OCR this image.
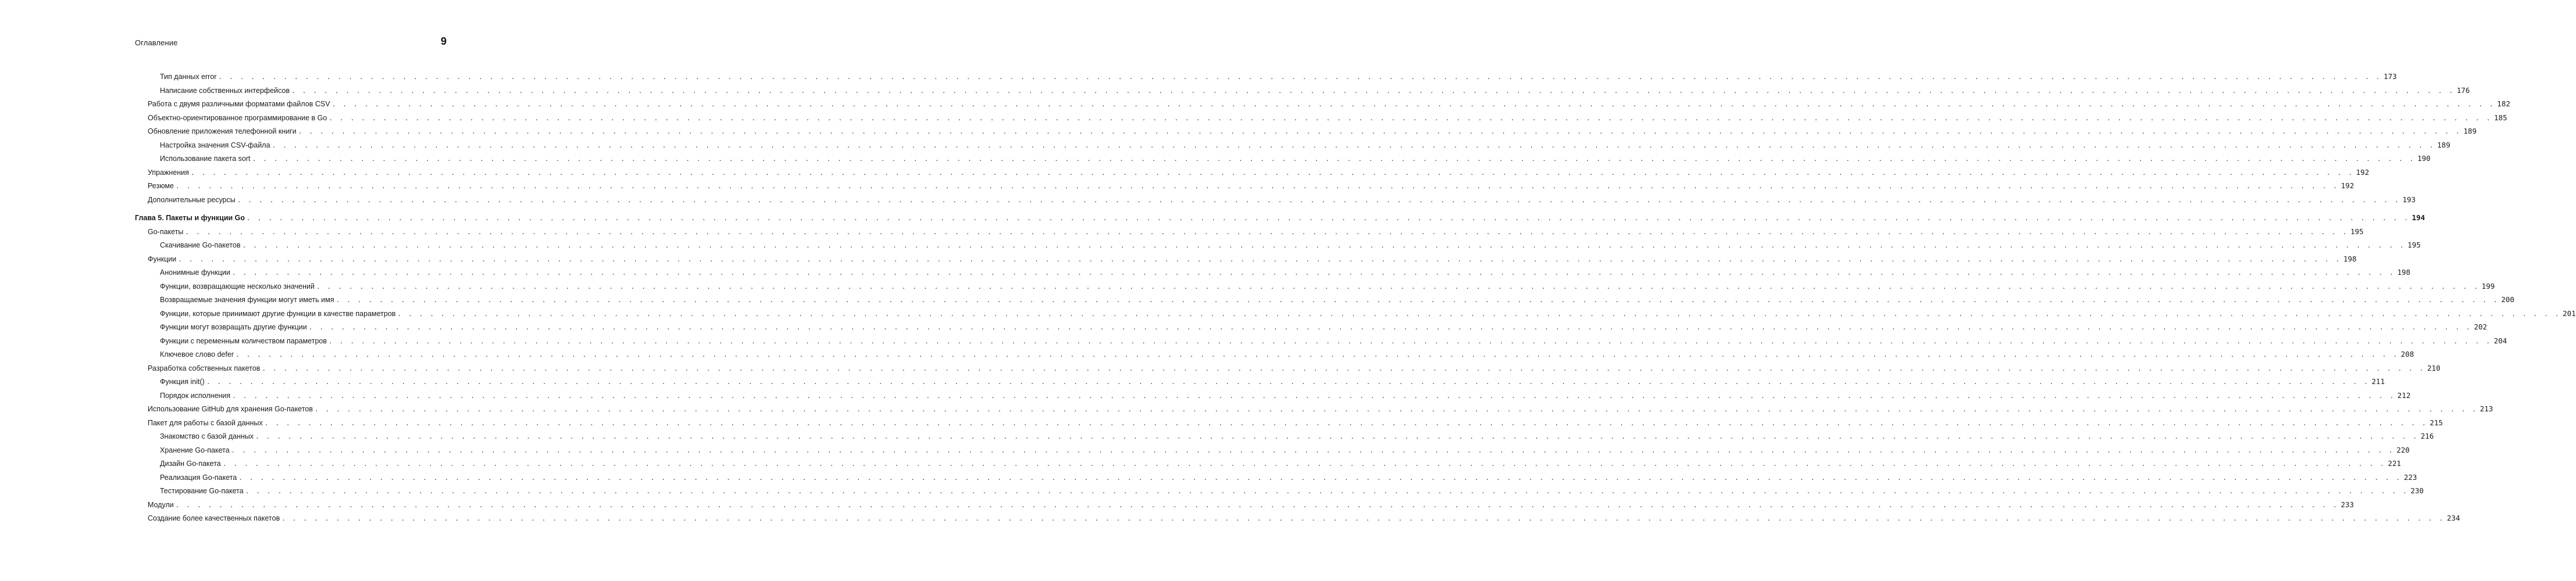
Оглавление	9
Тип данных error . . . . . . . . . . . . . . . . . . . . . . . . . . . . . . . . . . . . . . . . . . . . . . . . . . . . . . . . . . . . . . . . . . . . . . . . . . . . . . . . . . . . . . . . . . . . . . . . . . . . . . . . . . . . . . . . . . . . . . . . . . . . . . . . . . . . . . . . . . . . . . . . . . . . . . . . . . . . . . . . . . . . . . . . . . . . . . . . . . . . . . . . . . . . . . . . . . . . . . . . 173
Написание собственных интерфейсов . . . . . . . . . . . . . . . . . . . . . . . . . . . . . . . . . . . . . . . . . . . . . . . . . . . . . . . . . . . . . . . . . . . . . . . . . . . . . . . . . . . . . . . . . . . . . . . . . . . . . . . . . . . . . . . . . . . . . . . . . . . . . . . . . . . . . . . . . . . . . . . . . . . . . . . . . . . . . . . . . . . . . . . . . . . . . . . . . . . . . . . . . . . . . . . . . . . . . . . . 176
Работа с двумя различными форматами файлов CSV . . . . . . . . . . . . . . . . . . . . . . . . . . . . . . . . . . . . . . . . . . . . . . . . . . . . . . . . . . . . . . . . . . . . . . . . . . . . . . . . . . . . . . . . . . . . . . . . . . . . . . . . . . . . . . . . . . . . . . . . . . . . . . . . . . . . . . . . . . . . . . . . . . . . . . . . . . . . . . . . . . . . . . . . . . . . . . . . . . . . . . . . . . . . . . . . . . . . . . . . 182
Объектно-ориентированное программирование в Go . . . . . . . . . . . . . . . . . . . . . . . . . . . . . . . . . . . . . . . . . . . . . . . . . . . . . . . . . . . . . . . . . . . . . . . . . . . . . . . . . . . . . . . . . . . . . . . . . . . . . . . . . . . . . . . . . . . . . . . . . . . . . . . . . . . . . . . . . . . . . . . . . . . . . . . . . . . . . . . . . . . . . . . . . . . . . . . . . . . . . . . . . . . . . . . . . . . . . . . . 185
Обновление приложения телефонной книги . . . . . . . . . . . . . . . . . . . . . . . . . . . . . . . . . . . . . . . . . . . . . . . . . . . . . . . . . . . . . . . . . . . . . . . . . . . . . . . . . . . . . . . . . . . . . . . . . . . . . . . . . . . . . . . . . . . . . . . . . . . . . . . . . . . . . . . . . . . . . . . . . . . . . . . . . . . . . . . . . . . . . . . . . . . . . . . . . . . . . . . . . . . . . . . . . . . . . . . . 189
Настройка значения CSV-файла . . . . . . . . . . . . . . . . . . . . . . . . . . . . . . . . . . . . . . . . . . . . . . . . . . . . . . . . . . . . . . . . . . . . . . . . . . . . . . . . . . . . . . . . . . . . . . . . . . . . . . . . . . . . . . . . . . . . . . . . . . . . . . . . . . . . . . . . . . . . . . . . . . . . . . . . . . . . . . . . . . . . . . . . . . . . . . . . . . . . . . . . . . . . . . . . . . . . . . . . 189
Использование пакета sort . . . . . . . . . . . . . . . . . . . . . . . . . . . . . . . . . . . . . . . . . . . . . . . . . . . . . . . . . . . . . . . . . . . . . . . . . . . . . . . . . . . . . . . . . . . . . . . . . . . . . . . . . . . . . . . . . . . . . . . . . . . . . . . . . . . . . . . . . . . . . . . . . . . . . . . . . . . . . . . . . . . . . . . . . . . . . . . . . . . . . . . . . . . . . . . . . . . . . . . . 190
Упражнения . . . . . . . . . . . . . . . . . . . . . . . . . . . . . . . . . . . . . . . . . . . . . . . . . . . . . . . . . . . . . . . . . . . . . . . . . . . . . . . . . . . . . . . . . . . . . . . . . . . . . . . . . . . . . . . . . . . . . . . . . . . . . . . . . . . . . . . . . . . . . . . . . . . . . . . . . . . . . . . . . . . . . . . . . . . . . . . . . . . . . . . . . . . . . . . . . . . . . . . . 192
Резюме . . . . . . . . . . . . . . . . . . . . . . . . . . . . . . . . . . . . . . . . . . . . . . . . . . . . . . . . . . . . . . . . . . . . . . . . . . . . . . . . . . . . . . . . . . . . . . . . . . . . . . . . . . . . . . . . . . . . . . . . . . . . . . . . . . . . . . . . . . . . . . . . . . . . . . . . . . . . . . . . . . . . . . . . . . . . . . . . . . . . . . . . . . . . . . . . . . . . . . . . 192
Дополнительные ресурсы . . . . . . . . . . . . . . . . . . . . . . . . . . . . . . . . . . . . . . . . . . . . . . . . . . . . . . . . . . . . . . . . . . . . . . . . . . . . . . . . . . . . . . . . . . . . . . . . . . . . . . . . . . . . . . . . . . . . . . . . . . . . . . . . . . . . . . . . . . . . . . . . . . . . . . . . . . . . . . . . . . . . . . . . . . . . . . . . . . . . . . . . . . . . . . . . . . . . . . . . 193
Глава 5. Пакеты и функции Go . . . . . . . . . . . . . . . . . . . . . . . . . . . . . . . . . . . . . . . . . . . . . . . . . . . . . . . . . . . . . . . . . . . . . . . . . . . . . . . . . . . . . . . . . . . . . . . . . . . . . . . . . . . . . . . . . . . . . . . . . . . . . . . . . . . . . . . . . . . . . . . . . . . . . . . . . . . . . . . . . . . . . . . . . . . . . . . . . . . . . . . . . . . . . . . . . . . . . . . . 194
Go-пакеты . . . . . . . . . . . . . . . . . . . . . . . . . . . . . . . . . . . . . . . . . . . . . . . . . . . . . . . . . . . . . . . . . . . . . . . . . . . . . . . . . . . . . . . . . . . . . . . . . . . . . . . . . . . . . . . . . . . . . . . . . . . . . . . . . . . . . . . . . . . . . . . . . . . . . . . . . . . . . . . . . . . . . . . . . . . . . . . . . . . . . . . . . . . . . . . . . . . . . . . . 195
Скачивание Go-пакетов . . . . . . . . . . . . . . . . . . . . . . . . . . . . . . . . . . . . . . . . . . . . . . . . . . . . . . . . . . . . . . . . . . . . . . . . . . . . . . . . . . . . . . . . . . . . . . . . . . . . . . . . . . . . . . . . . . . . . . . . . . . . . . . . . . . . . . . . . . . . . . . . . . . . . . . . . . . . . . . . . . . . . . . . . . . . . . . . . . . . . . . . . . . . . . . . . . . . . . . . 195
Функции . . . . . . . . . . . . . . . . . . . . . . . . . . . . . . . . . . . . . . . . . . . . . . . . . . . . . . . . . . . . . . . . . . . . . . . . . . . . . . . . . . . . . . . . . . . . . . . . . . . . . . . . . . . . . . . . . . . . . . . . . . . . . . . . . . . . . . . . . . . . . . . . . . . . . . . . . . . . . . . . . . . . . . . . . . . . . . . . . . . . . . . . . . . . . . . . . . . . . . . . 198
Анонимные функции . . . . . . . . . . . . . . . . . . . . . . . . . . . . . . . . . . . . . . . . . . . . . . . . . . . . . . . . . . . . . . . . . . . . . . . . . . . . . . . . . . . . . . . . . . . . . . . . . . . . . . . . . . . . . . . . . . . . . . . . . . . . . . . . . . . . . . . . . . . . . . . . . . . . . . . . . . . . . . . . . . . . . . . . . . . . . . . . . . . . . . . . . . . . . . . . . . . . . . . . 198
Функции, возвращающие несколько значений . . . . . . . . . . . . . . . . . . . . . . . . . . . . . . . . . . . . . . . . . . . . . . . . . . . . . . . . . . . . . . . . . . . . . . . . . . . . . . . . . . . . . . . . . . . . . . . . . . . . . . . . . . . . . . . . . . . . . . . . . . . . . . . . . . . . . . . . . . . . . . . . . . . . . . . . . . . . . . . . . . . . . . . . . . . . . . . . . . . . . . . . . . . . . . . . . . . . . . . . 199
Возвращаемые значения функции могут иметь имя . . . . . . . . . . . . . . . . . . . . . . . . . . . . . . . . . . . . . . . . . . . . . . . . . . . . . . . . . . . . . . . . . . . . . . . . . . . . . . . . . . . . . . . . . . . . . . . . . . . . . . . . . . . . . . . . . . . . . . . . . . . . . . . . . . . . . . . . . . . . . . . . . . . . . . . . . . . . . . . . . . . . . . . . . . . . . . . . . . . . . . . . . . . . . . . . . . . . . . . . 200
Функции, которые принимают другие функции в качестве параметров . . . . . . . . . . . . . . . . . . . . . . . . . . . . . . . . . . . . . . . . . . . . . . . . . . . . . . . . . . . . . . . . . . . . . . . . . . . . . . . . . . . . . . . . . . . . . . . . . . . . . . . . . . . . . . . . . . . . . . . . . . . . . . . . . . . . . . . . . . . . . . . . . . . . . . . . . . . . . . . . . . . . . . . . . . . . . . . . . . . . . . . . . . . . . . . . . . . . . . . . 201
Функции могут возвращать другие функции . . . . . . . . . . . . . . . . . . . . . . . . . . . . . . . . . . . . . . . . . . . . . . . . . . . . . . . . . . . . . . . . . . . . . . . . . . . . . . . . . . . . . . . . . . . . . . . . . . . . . . . . . . . . . . . . . . . . . . . . . . . . . . . . . . . . . . . . . . . . . . . . . . . . . . . . . . . . . . . . . . . . . . . . . . . . . . . . . . . . . . . . . . . . . . . . . . . . . . . . 202
Функции с переменным количеством параметров . . . . . . . . . . . . . . . . . . . . . . . . . . . . . . . . . . . . . . . . . . . . . . . . . . . . . . . . . . . . . . . . . . . . . . . . . . . . . . . . . . . . . . . . . . . . . . . . . . . . . . . . . . . . . . . . . . . . . . . . . . . . . . . . . . . . . . . . . . . . . . . . . . . . . . . . . . . . . . . . . . . . . . . . . . . . . . . . . . . . . . . . . . . . . . . . . . . . . . . . 204
Ключевое слово defer . . . . . . . . . . . . . . . . . . . . . . . . . . . . . . . . . . . . . . . . . . . . . . . . . . . . . . . . . . . . . . . . . . . . . . . . . . . . . . . . . . . . . . . . . . . . . . . . . . . . . . . . . . . . . . . . . . . . . . . . . . . . . . . . . . . . . . . . . . . . . . . . . . . . . . . . . . . . . . . . . . . . . . . . . . . . . . . . . . . . . . . . . . . . . . . . . . . . . . . . 208
Разработка собственных пакетов . . . . . . . . . . . . . . . . . . . . . . . . . . . . . . . . . . . . . . . . . . . . . . . . . . . . . . . . . . . . . . . . . . . . . . . . . . . . . . . . . . . . . . . . . . . . . . . . . . . . . . . . . . . . . . . . . . . . . . . . . . . . . . . . . . . . . . . . . . . . . . . . . . . . . . . . . . . . . . . . . . . . . . . . . . . . . . . . . . . . . . . . . . . . . . . . . . . . . . . . 210
Функция init() . . . . . . . . . . . . . . . . . . . . . . . . . . . . . . . . . . . . . . . . . . . . . . . . . . . . . . . . . . . . . . . . . . . . . . . . . . . . . . . . . . . . . . . . . . . . . . . . . . . . . . . . . . . . . . . . . . . . . . . . . . . . . . . . . . . . . . . . . . . . . . . . . . . . . . . . . . . . . . . . . . . . . . . . . . . . . . . . . . . . . . . . . . . . . . . . . . . . . . . . 211
Порядок исполнения . . . . . . . . . . . . . . . . . . . . . . . . . . . . . . . . . . . . . . . . . . . . . . . . . . . . . . . . . . . . . . . . . . . . . . . . . . . . . . . . . . . . . . . . . . . . . . . . . . . . . . . . . . . . . . . . . . . . . . . . . . . . . . . . . . . . . . . . . . . . . . . . . . . . . . . . . . . . . . . . . . . . . . . . . . . . . . . . . . . . . . . . . . . . . . . . . . . . . . . . 212
Использование GitHub для хранения Go-пакетов . . . . . . . . . . . . . . . . . . . . . . . . . . . . . . . . . . . . . . . . . . . . . . . . . . . . . . . . . . . . . . . . . . . . . . . . . . . . . . . . . . . . . . . . . . . . . . . . . . . . . . . . . . . . . . . . . . . . . . . . . . . . . . . . . . . . . . . . . . . . . . . . . . . . . . . . . . . . . . . . . . . . . . . . . . . . . . . . . . . . . . . . . . . . . . . . . . . . . . . . 213
Пакет для работы с базой данных . . . . . . . . . . . . . . . . . . . . . . . . . . . . . . . . . . . . . . . . . . . . . . . . . . . . . . . . . . . . . . . . . . . . . . . . . . . . . . . . . . . . . . . . . . . . . . . . . . . . . . . . . . . . . . . . . . . . . . . . . . . . . . . . . . . . . . . . . . . . . . . . . . . . . . . . . . . . . . . . . . . . . . . . . . . . . . . . . . . . . . . . . . . . . . . . . . . . . . . . 215
Знакомство с базой данных . . . . . . . . . . . . . . . . . . . . . . . . . . . . . . . . . . . . . . . . . . . . . . . . . . . . . . . . . . . . . . . . . . . . . . . . . . . . . . . . . . . . . . . . . . . . . . . . . . . . . . . . . . . . . . . . . . . . . . . . . . . . . . . . . . . . . . . . . . . . . . . . . . . . . . . . . . . . . . . . . . . . . . . . . . . . . . . . . . . . . . . . . . . . . . . . . . . . . . . . 216
Хранение Go-пакета . . . . . . . . . . . . . . . . . . . . . . . . . . . . . . . . . . . . . . . . . . . . . . . . . . . . . . . . . . . . . . . . . . . . . . . . . . . . . . . . . . . . . . . . . . . . . . . . . . . . . . . . . . . . . . . . . . . . . . . . . . . . . . . . . . . . . . . . . . . . . . . . . . . . . . . . . . . . . . . . . . . . . . . . . . . . . . . . . . . . . . . . . . . . . . . . . . . . . . . . 220
Дизайн Go-пакета . . . . . . . . . . . . . . . . . . . . . . . . . . . . . . . . . . . . . . . . . . . . . . . . . . . . . . . . . . . . . . . . . . . . . . . . . . . . . . . . . . . . . . . . . . . . . . . . . . . . . . . . . . . . . . . . . . . . . . . . . . . . . . . . . . . . . . . . . . . . . . . . . . . . . . . . . . . . . . . . . . . . . . . . . . . . . . . . . . . . . . . . . . . . . . . . . . . . . . . . 221
Реализация Go-пакета . . . . . . . . . . . . . . . . . . . . . . . . . . . . . . . . . . . . . . . . . . . . . . . . . . . . . . . . . . . . . . . . . . . . . . . . . . . . . . . . . . . . . . . . . . . . . . . . . . . . . . . . . . . . . . . . . . . . . . . . . . . . . . . . . . . . . . . . . . . . . . . . . . . . . . . . . . . . . . . . . . . . . . . . . . . . . . . . . . . . . . . . . . . . . . . . . . . . . . . . 223
Тестирование Go-пакета . . . . . . . . . . . . . . . . . . . . . . . . . . . . . . . . . . . . . . . . . . . . . . . . . . . . . . . . . . . . . . . . . . . . . . . . . . . . . . . . . . . . . . . . . . . . . . . . . . . . . . . . . . . . . . . . . . . . . . . . . . . . . . . . . . . . . . . . . . . . . . . . . . . . . . . . . . . . . . . . . . . . . . . . . . . . . . . . . . . . . . . . . . . . . . . . . . . . . . . . 230
Модули . . . . . . . . . . . . . . . . . . . . . . . . . . . . . . . . . . . . . . . . . . . . . . . . . . . . . . . . . . . . . . . . . . . . . . . . . . . . . . . . . . . . . . . . . . . . . . . . . . . . . . . . . . . . . . . . . . . . . . . . . . . . . . . . . . . . . . . . . . . . . . . . . . . . . . . . . . . . . . . . . . . . . . . . . . . . . . . . . . . . . . . . . . . . . . . . . . . . . . . . 233
Создание более качественных пакетов . . . . . . . . . . . . . . . . . . . . . . . . . . . . . . . . . . . . . . . . . . . . . . . . . . . . . . . . . . . . . . . . . . . . . . . . . . . . . . . . . . . . . . . . . . . . . . . . . . . . . . . . . . . . . . . . . . . . . . . . . . . . . . . . . . . . . . . . . . . . . . . . . . . . . . . . . . . . . . . . . . . . . . . . . . . . . . . . . . . . . . . . . . . . . . . . . . . . . . . . 234
